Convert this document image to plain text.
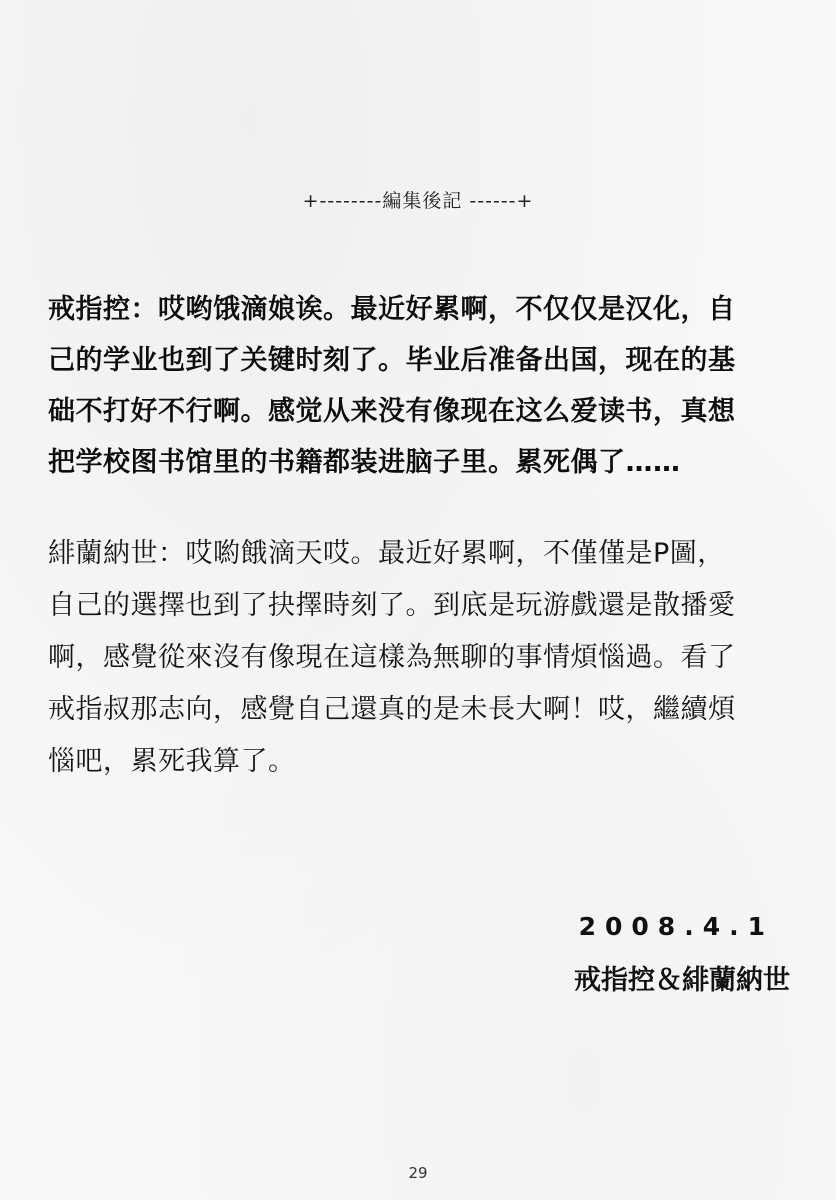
+--------編集後記 ------+
戒指控：哎哟饿滴娘诶。最近好累啊，不仅仅是汉化，自
己的学业也到了关键时刻了。毕业后准备出国，现在的基
础不打好不行啊。感觉从来没有像现在这么爱读书，真想
把学校图书馆里的书籍都装进脑子里。累死偶了……
緋蘭納世：哎喲餓滴天哎。最近好累啊，不僅僅是P圖，
自己的選擇也到了抉擇時刻了。到底是玩游戲還是散播愛
啊，感覺從來沒有像現在這樣為無聊的事情煩惱過。看了
戒指叔那志向，感覺自己還真的是未長大啊！哎，繼續煩
惱吧，累死我算了。
2008.4.1
戒指控＆緋蘭納世
29
